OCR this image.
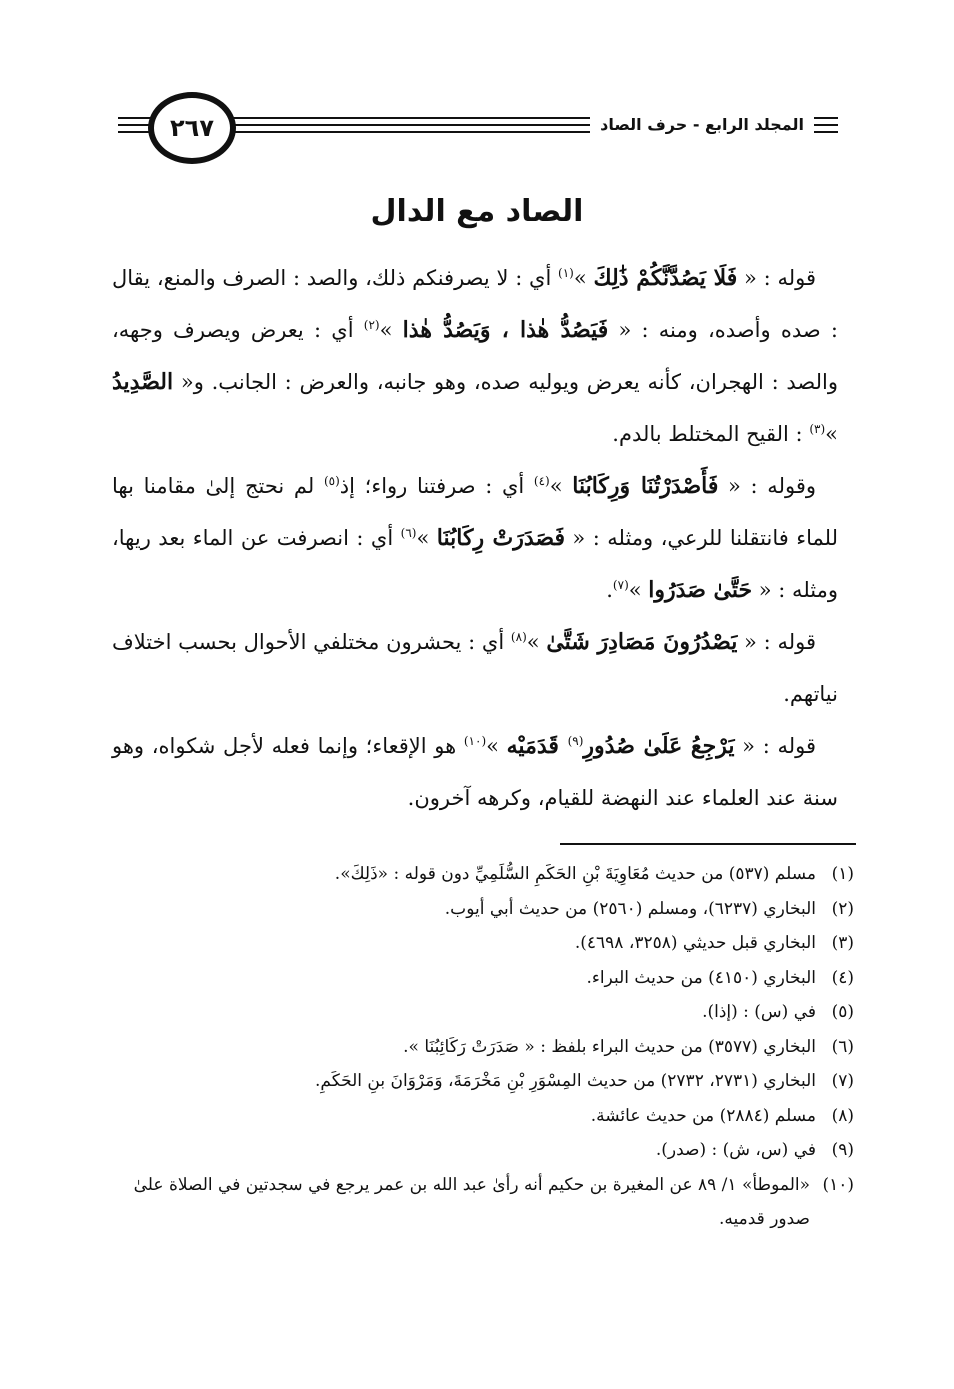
المجلد الرابع - حرف الصاد
٢٦٧
الصاد مع الدال

قوله : « فَلَا يَصُدَّنَّكُمْ ذَٰلِكَ »$^{(١)}$ أي : لا يصرفنكم ذلك، والصد : الصرف والمنع، يقال : صده وأصده، ومنه : « فَيَصُدُّ هٰذا ، وَيَصُدُّ هٰذا »$^{(٢)}$ أي : يعرض ويصرف وجهه، والصد : الهجران، كأنه يعرض ويوليه صده، وهو جانبه، والعرض : الجانب. و« الصَّدِيدُ »$^{(٣)}$ : القيح المختلط بالدم.

وقوله : « فَأَصْدَرْتُنَا وَرِكَابُنَا »$^{(٤)}$ أي : صرفتنا رواء؛ إذ$^{(٥)}$ لم نحتج إلىٰ مقامنا بها للماء فانتقلنا للرعي، ومثله : « فَصَدَرَتْ رِكَابُنَا »$^{(٦)}$ أي : انصرفت عن الماء بعد ريها، ومثله : « حَتَّىٰ صَدَرُوا »$^{(٧)}$.

قوله : « يَصْدُرُونَ مَصَادِرَ شَتَّىٰ »$^{(٨)}$ أي : يحشرون مختلفي الأحوال بحسب اختلاف نياتهم.

قوله : « يَرْجِعُ عَلَىٰ صُدُورِ$^{(٩)}$ قَدَمَيْه »$^{(١٠)}$ هو الإقعاء؛ وإنما فعله لأجل شكواه، وهو سنة عند العلماء عند النهضة للقيام، وكرهه آخرون.

(١)مسلم (٥٣٧) من حديث مُعَاوِيَةَ بْنِ الحَكَمِ السُّلَمِيِّ دون قوله : «ذَلِكَ».
(٢)البخاري (٦٢٣٧)، ومسلم (٢٥٦٠) من حديث أبي أيوب.
(٣)البخاري قبل حديثي (٣٢٥٨، ٤٦٩٨).
(٤)البخاري (٤١٥٠) من حديث البراء.
(٥)في (س) : (إذا).
(٦)البخاري (٣٥٧٧) من حديث البراء بلفظ : « صَدَرَتْ رَكَائِبُنَا ».
(٧)البخاري (٢٧٣١، ٢٧٣٢) من حديث المِسْوَرِ بْنِ مَخْرَمَةَ، وَمَرْوَانَ بنِ الحَكَمِ.
(٨)مسلم (٢٨٨٤) من حديث عائشة.
(٩)في (س، ش) : (صدر).
(١٠)«الموطأ» ١/ ٨٩ عن المغيرة بن حكيم أنه رأىٰ عبد الله بن عمر يرجع في سجدتين في الصلاة علىٰ صدور قدميه.
